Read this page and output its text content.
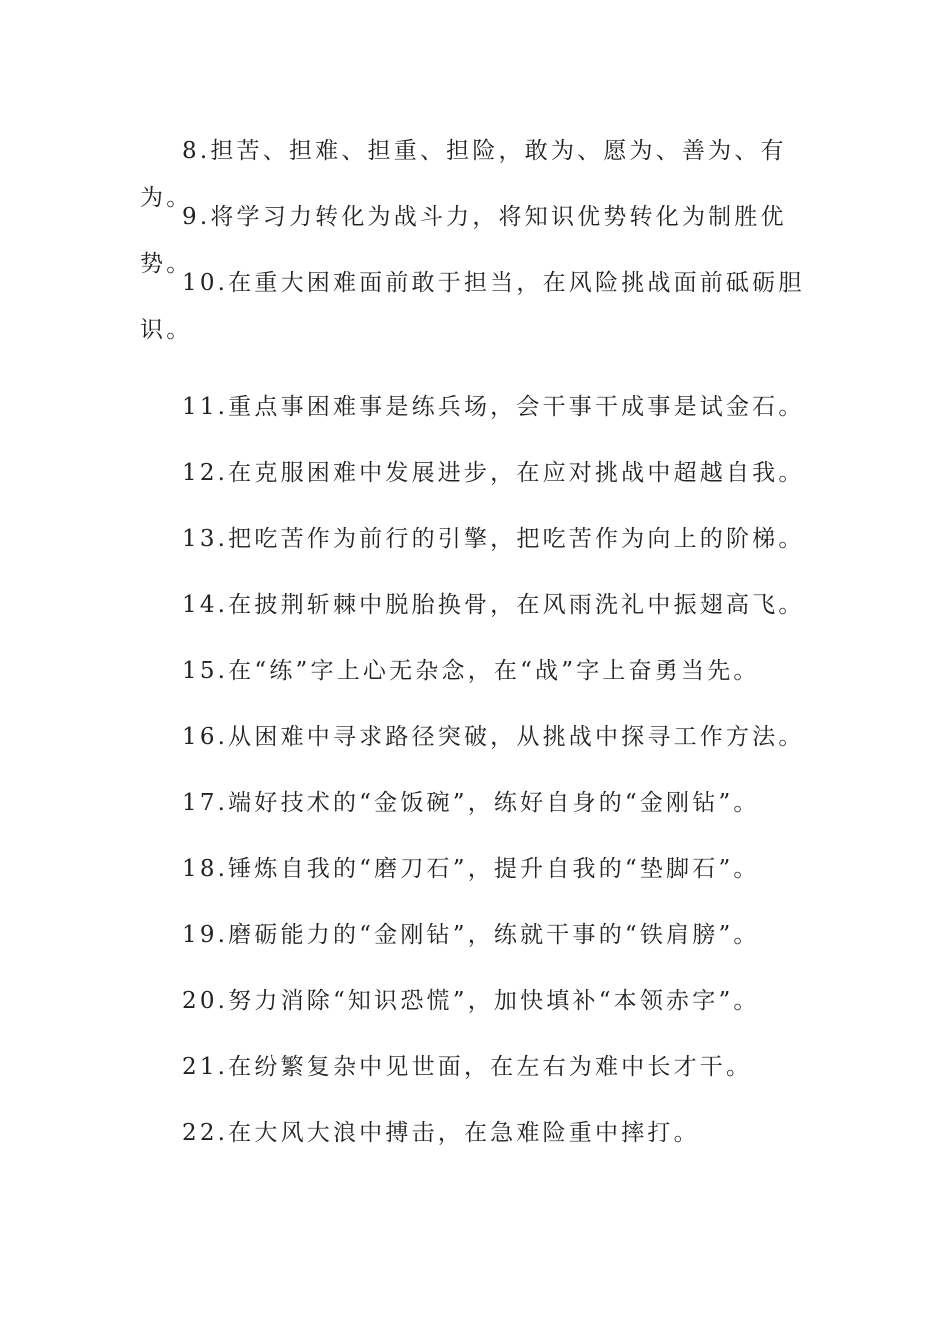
8.担苦、担难、担重、担险，敢为、愿为、善为、有为。

9.将学习力转化为战斗力，将知识优势转化为制胜优势。

10.在重大困难面前敢于担当，在风险挑战面前砥砺胆识。

11.重点事困难事是练兵场，会干事干成事是试金石。

12.在克服困难中发展进步，在应对挑战中超越自我。

13.把吃苦作为前行的引擎，把吃苦作为向上的阶梯。

14.在披荆斩棘中脱胎换骨，在风雨洗礼中振翅高飞。

15.在“练”字上心无杂念，在“战”字上奋勇当先。

16.从困难中寻求路径突破，从挑战中探寻工作方法。

17.端好技术的“金饭碗”，练好自身的“金刚钻”。

18.锤炼自我的“磨刀石”，提升自我的“垫脚石”。

19.磨砺能力的“金刚钻”，练就干事的“铁肩膀”。

20.努力消除“知识恐慌”，加快填补“本领赤字”。

21.在纷繁复杂中见世面，在左右为难中长才干。

22.在大风大浪中搏击，在急难险重中摔打。
